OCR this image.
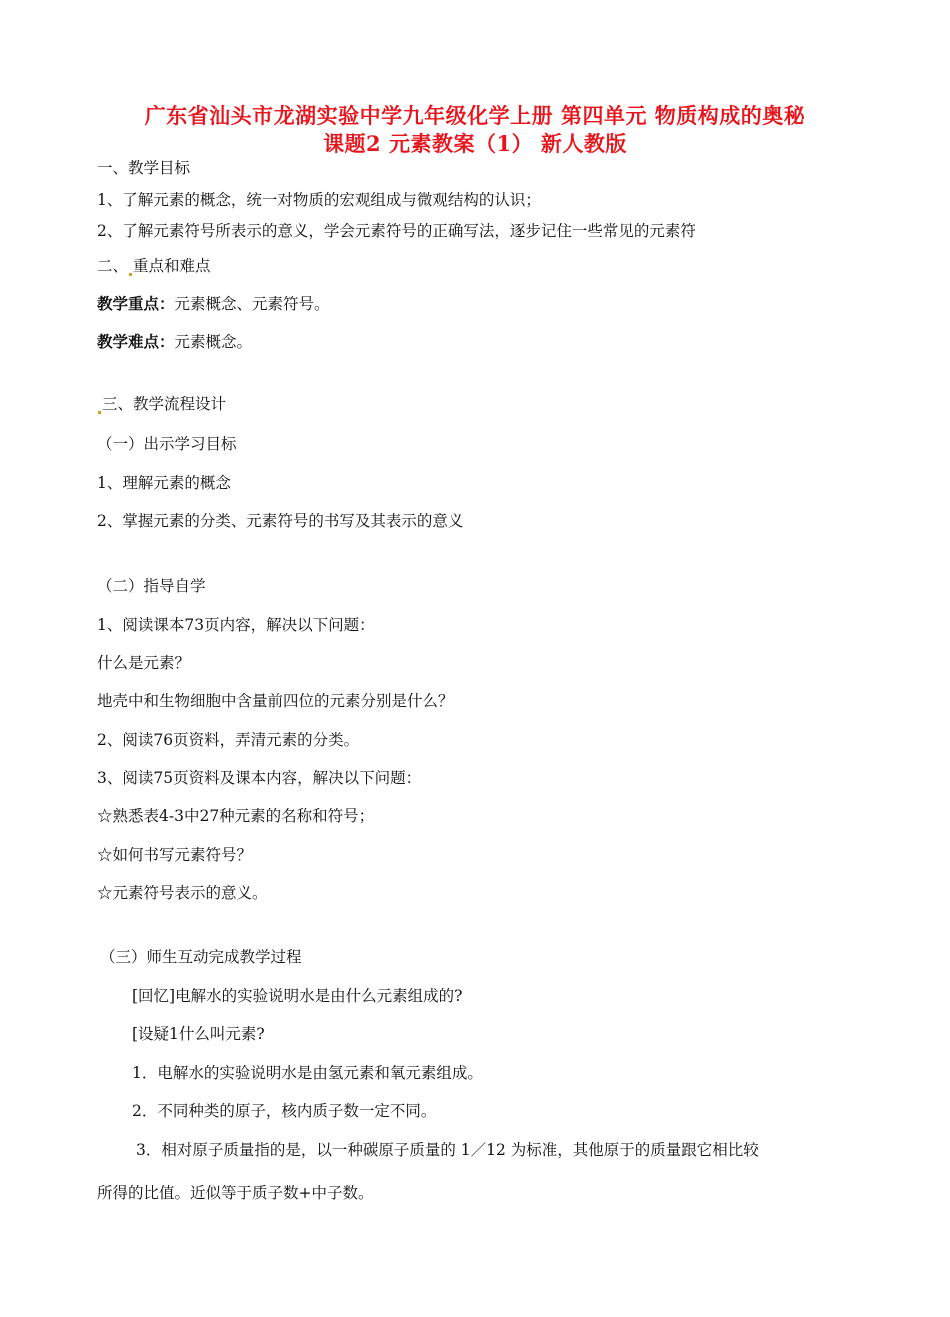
广东省汕头市龙湖实验中学九年级化学上册 第四单元 物质构成的奥秘
课题2 元素教案（1） 新人教版

一、教学目标

1、了解元素的概念，统一对物质的宏观组成与微观结构的认识；

2、了解元素符号所表示的意义，学会元素符号的正确写法，逐步记住一些常见的元素符

二、 重点和难点

教学重点：元素概念、元素符号。

教学难点：元素概念。

三、教学流程设计

（一）出示学习目标

1、理解元素的概念

2、掌握元素的分类、元素符号的书写及其表示的意义

（二）指导自学

1、阅读课本73页内容，解决以下问题：

什么是元素？

地壳中和生物细胞中含量前四位的元素分别是什么？

2、阅读76页资料，弄清元素的分类。

3、阅读75页资料及课本内容，解决以下问题：

☆熟悉表4-3中27种元素的名称和符号；

☆如何书写元素符号？

☆元素符号表示的意义。

（三）师生互动完成教学过程

[回忆]电解水的实验说明水是由什么元素组成的?

[设疑1什么叫元素?

1．电解水的实验说明水是由氢元素和氧元素组成。

2．不同种类的原子，核内质子数一定不同。

3．相对原子质量指的是，以一种碳原子质量的 1／12 为标准，其他原于的质量跟它相比较

所得的比值。近似等于质子数+中子数。
